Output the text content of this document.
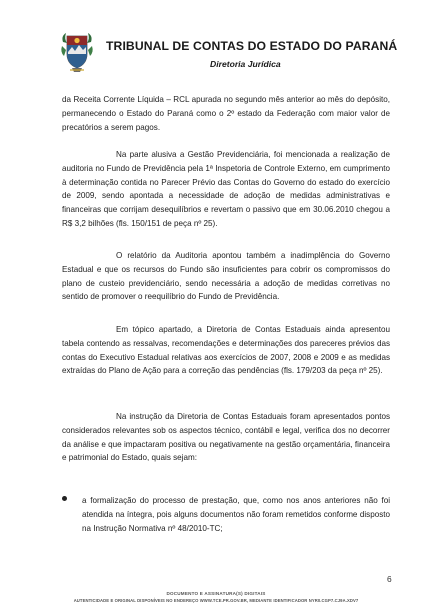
TRIBUNAL DE CONTAS DO ESTADO DO PARANÁ
Diretoria Jurídica

da Receita Corrente Líquida – RCL apurada no segundo mês anterior ao mês do depósito, permanecendo o Estado do Paraná como o 2º estado da Federação com maior valor de precatórios a serem pagos.

Na parte alusiva a Gestão Previdenciária, foi mencionada a realização de auditoria no Fundo de Previdência pela 1ª Inspetoria de Controle Externo, em cumprimento à determinação contida no Parecer Prévio das Contas do Governo do estado do exercício de 2009, sendo apontada a necessidade de adoção de medidas administrativas e financeiras que corrijam desequilíbrios e revertam o passivo que em 30.06.2010 chegou a R$ 3,2 bilhões (fls. 150/151 de peça nº 25).

O relatório da Auditoria apontou também a inadimplência do Governo Estadual e que os recursos do Fundo são insuficientes para cobrir os compromissos do plano de custeio previdenciário, sendo necessária a adoção de medidas corretivas no sentido de promover o reequilíbrio do Fundo de Previdência.

Em tópico apartado, a Diretoria de Contas Estaduais ainda apresentou tabela contendo as ressalvas, recomendações e determinações dos pareceres prévios das contas do Executivo Estadual relativas aos exercícios de 2007, 2008 e 2009 e as medidas extraídas do Plano de Ação para a correção das pendências (fls. 179/203 da peça nº 25).

Na instrução da Diretoria de Contas Estaduais foram apresentados pontos considerados relevantes sob os aspectos técnico, contábil e legal, verifica dos no decorrer da análise e que impactaram positiva ou negativamente na gestão orçamentária, financeira e patrimonial do Estado, quais sejam:

a formalização do processo de prestação, que, como nos anos anteriores não foi atendida na íntegra, pois alguns documentos não foram remetidos conforme disposto na Instrução Normativa nº 48/2010-TC;

6
DOCUMENTO E ASSINATURA(S) DIGITAIS
AUTENTICIDADE E ORIGINAL DISPONÍVEIS NO ENDEREÇO WWW.TCE.PR.GOV.BR, MEDIANTE IDENTIFICADOR NYR0.CGP7.CJ9A.XDV7
